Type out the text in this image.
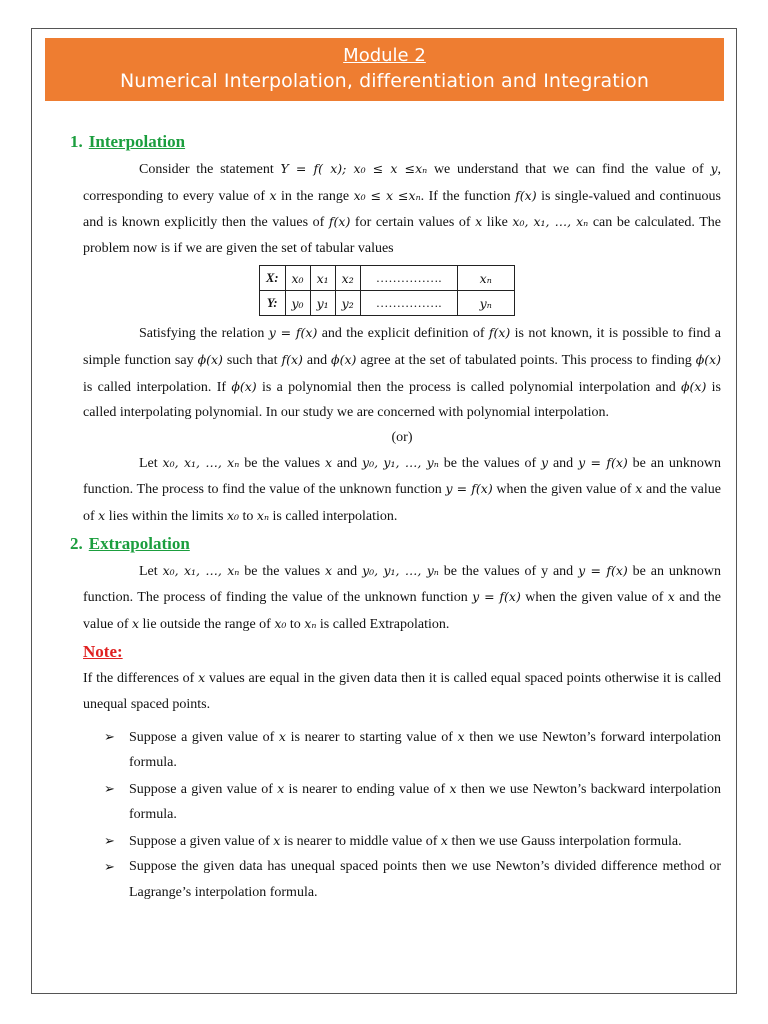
Module 2
Numerical Interpolation, differentiation and Integration
1. Interpolation

Consider the statement Y = f( x); x₀ ≤ x ≤xₙ we understand that we can find the value of y, corresponding to every value of x in the range x₀ ≤ x ≤xₙ. If the function f(x) is single-valued and continuous and is known explicitly then the values of f(x) for certain values of x like x₀, x₁, …, xₙ can be calculated. The problem now is if we are given the set of tabular values

X:	x₀	x₁	x₂	…………….	xₙ
Y:	y₀	y₁	y₂	…………….	yₙ

Satisfying the relation y = f(x) and the explicit definition of f(x) is not known, it is possible to find a simple function say ϕ(x) such that f(x) and ϕ(x) agree at the set of tabulated points. This process to finding ϕ(x) is called interpolation. If ϕ(x) is a polynomial then the process is called polynomial interpolation and ϕ(x) is called interpolating polynomial. In our study we are concerned with polynomial interpolation.

(or)

Let x₀, x₁, …, xₙ be the values x and y₀, y₁, …, yₙ be the values of y and y = f(x) be an unknown function. The process to find the value of the unknown function y = f(x) when the given value of x and the value of x lies within the limits x₀ to xₙ is called interpolation.

2. Extrapolation

Let x₀, x₁, …, xₙ be the values x and y₀, y₁, …, yₙ be the values of y and y = f(x) be an unknown function. The process of finding the value of the unknown function y = f(x) when the given value of x and the value of x lie outside the range of x₀ to xₙ is called Extrapolation.

Note:

If the differences of x values are equal in the given data then it is called equal spaced points otherwise it is called unequal spaced points.

➢ Suppose a given value of x is nearer to starting value of x then we use Newton’s forward interpolation formula.
➢ Suppose a given value of x is nearer to ending value of x then we use Newton’s backward interpolation formula.
➢ Suppose a given value of x is nearer to middle value of x then we use Gauss interpolation formula.
➢ Suppose the given data has unequal spaced points then we use Newton’s divided difference method or Lagrange’s interpolation formula.
